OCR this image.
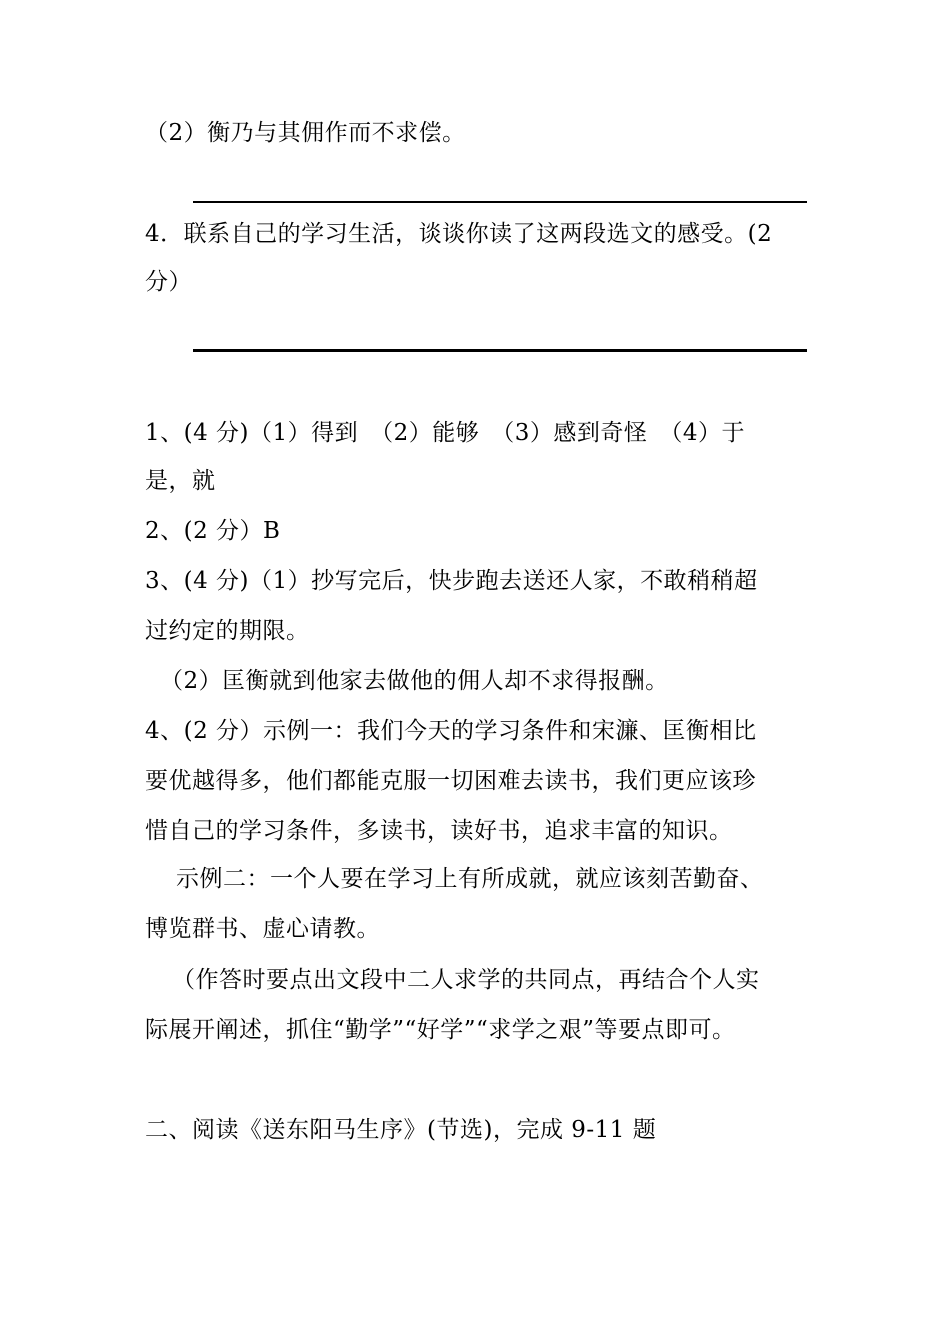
（2）衡乃与其佣作而不求偿。
4．联系自己的学习生活，谈谈你读了这两段选文的感受。(2
分）
1、(4 分)（1）得到　（2）能够　（3）感到奇怪　（4）于
是，就
2、(2 分）B
3、(4 分)（1）抄写完后，快步跑去送还人家，不敢稍稍超
过约定的期限。
（2）匡衡就到他家去做他的佣人却不求得报酬。
4、(2 分）示例一：我们今天的学习条件和宋濂、匡衡相比
要优越得多，他们都能克服一切困难去读书，我们更应该珍
惜自己的学习条件，多读书，读好书，追求丰富的知识。
示例二：一个人要在学习上有所成就，就应该刻苦勤奋、
博览群书、虚心请教。
（作答时要点出文段中二人求学的共同点，再结合个人实
际展开阐述，抓住“勤学”“好学”“求学之艰”等要点即可。
二、阅读《送东阳马生序》(节选)，完成 9-11 题
